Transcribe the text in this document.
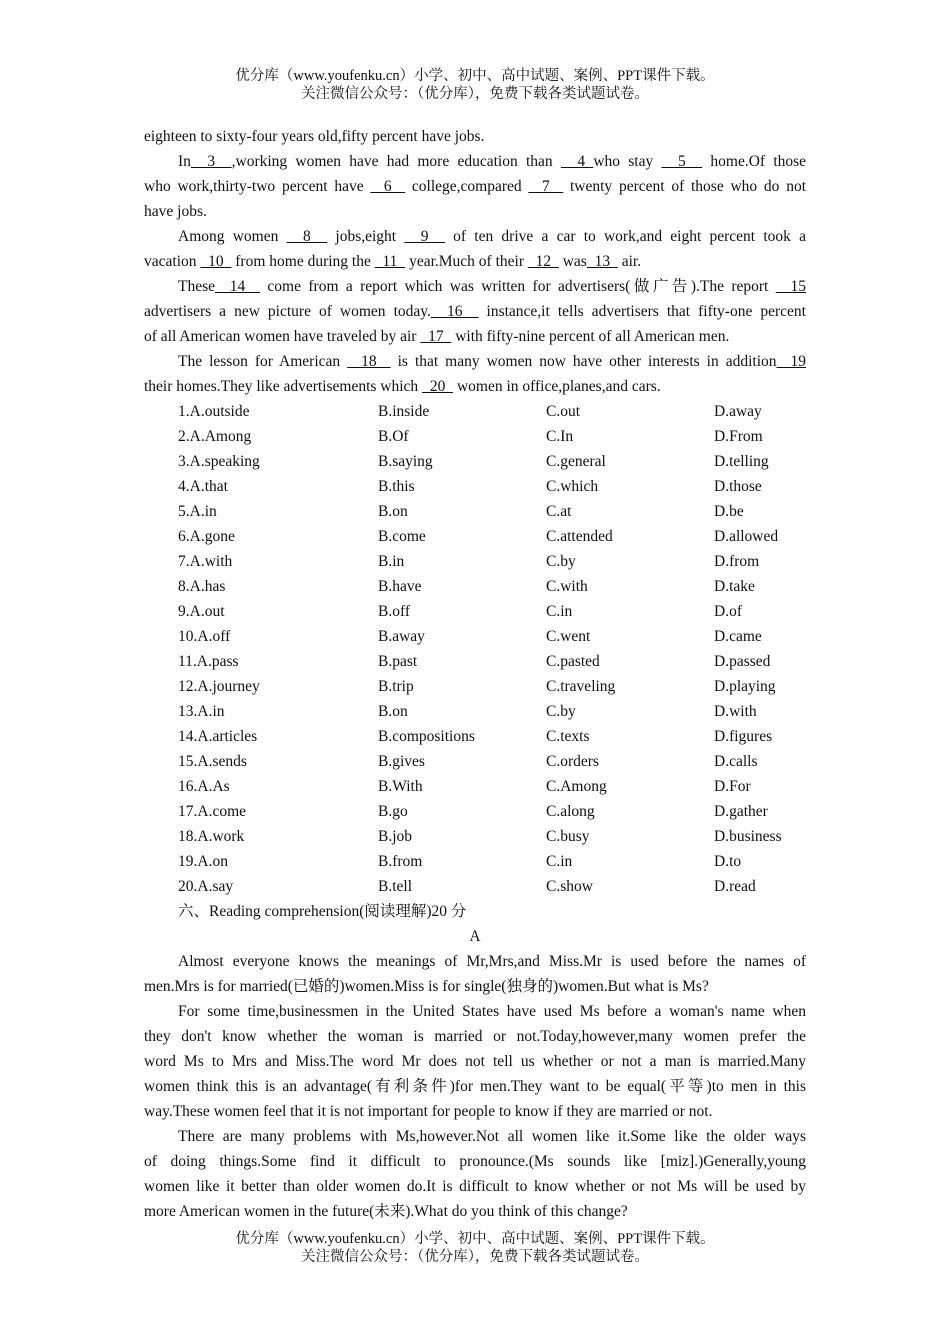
优分库（www.youfenku.cn）小学、初中、高中试题、案例、PPT课件下载。
关注微信公众号：（优分库），免费下载各类试题试卷。
eighteen to sixty-four years old,fifty percent have jobs.
In  3  ,working women have had more education than   4 who stay   5   home.Of those
who work,thirty-two percent have   6   college,compared   7   twenty percent of those who do not
have jobs.
Among women   8   jobs,eight   9   of ten drive a car to work,and eight percent took a
vacation   10   from home during the   11   year.Much of their   12   was  13   air.
These  14   come from a report which was written for advertisers(做广告).The report   15
advertisers a new picture of women today.  16   instance,it tells advertisers that fifty-one percent
of all American women have traveled by air   17   with fifty-nine percent of all American men.
The lesson for American   18   is that many women now have other interests in addition  19
their homes.They like advertisements which   20   women in office,planes,and cars.
1.A.outside	B.inside	C.out	D.away
2.A.Among	B.Of	C.In	D.From
3.A.speaking	B.saying	C.general	D.telling
4.A.that	B.this	C.which	D.those
5.A.in	B.on	C.at	D.be
6.A.gone	B.come	C.attended	D.allowed
7.A.with	B.in	C.by	D.from
8.A.has	B.have	C.with	D.take
9.A.out	B.off	C.in	D.of
10.A.off	B.away	C.went	D.came
11.A.pass	B.past	C.pasted	D.passed
12.A.journey	B.trip	C.traveling	D.playing
13.A.in	B.on	C.by	D.with
14.A.articles	B.compositions	C.texts	D.figures
15.A.sends	B.gives	C.orders	D.calls
16.A.As	B.With	C.Among	D.For
17.A.come	B.go	C.along	D.gather
18.A.work	B.job	C.busy	D.business
19.A.on	B.from	C.in	D.to
20.A.say	B.tell	C.show	D.read
六、Reading comprehension(阅读理解)20 分
A
Almost everyone knows the meanings of Mr,Mrs,and Miss.Mr is used before the names of
men.Mrs is for married(已婚的)women.Miss is for single(独身的)women.But what is Ms?
For some time,businessmen in the United States have used Ms before a woman's name when
they don't know whether the woman is married or not.Today,however,many women prefer the
word Ms to Mrs and Miss.The word Mr does not tell us whether or not a man is married.Many
women think this is an advantage(有利条件)for men.They want to be equal(平等)to men in this
way.These women feel that it is not important for people to know if they are married or not.
There are many problems with Ms,however.Not all women like it.Some like the older ways
of doing things.Some find it difficult to pronounce.(Ms sounds like [miz].)Generally,young
women like it better than older women do.It is difficult to know whether or not Ms will be used by
more American women in the future(未来).What do you think of this change?
优分库（www.youfenku.cn）小学、初中、高中试题、案例、PPT课件下载。
关注微信公众号：（优分库），免费下载各类试题试卷。
